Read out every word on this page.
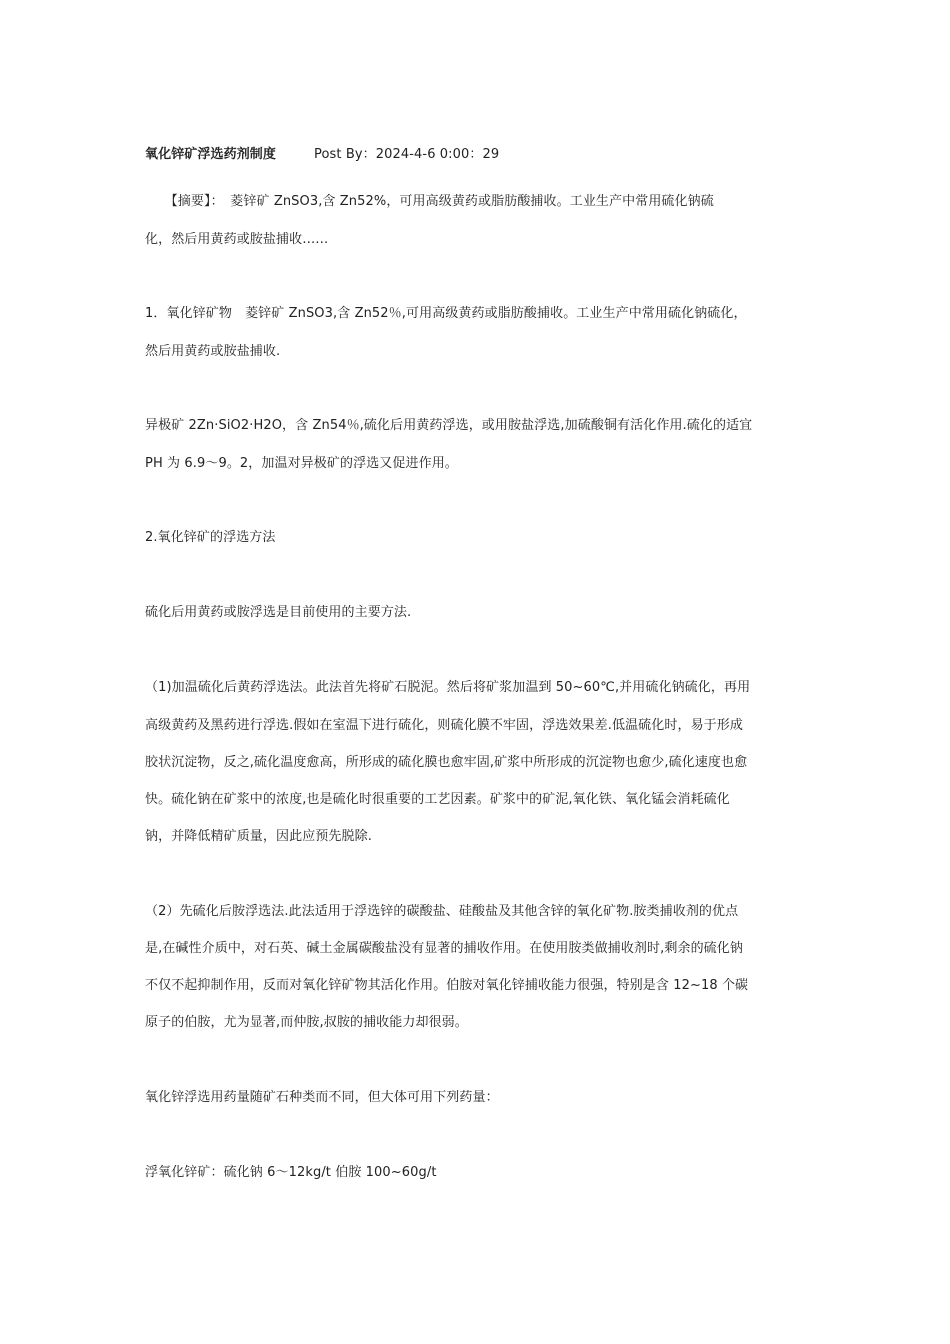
氧化锌矿浮选药剂制度	Post By：2024-4-6 0:00：29
　　【摘要】：　菱锌矿 ZnSO3,含 Zn52%，可用高级黄药或脂肪酸捕收。工业生产中常用硫化钠硫
化，然后用黄药或胺盐捕收……
1．氧化锌矿物　菱锌矿 ZnSO3,含 Zn52％,可用高级黄药或脂肪酸捕收。工业生产中常用硫化钠硫化，
然后用黄药或胺盐捕收.
异极矿 2Zn·SiO2·H2O，含 Zn54％,硫化后用黄药浮选，或用胺盐浮选,加硫酸铜有活化作用.硫化的适宜
PH 为 6.9～9。2，加温对异极矿的浮选又促进作用。
2.氧化锌矿的浮选方法
硫化后用黄药或胺浮选是目前使用的主要方法.
（1)加温硫化后黄药浮选法。此法首先将矿石脱泥。然后将矿浆加温到 50~60℃,并用硫化钠硫化，再用
高级黄药及黑药进行浮选.假如在室温下进行硫化，则硫化膜不牢固，浮选效果差.低温硫化时，易于形成
胶状沉淀物，反之,硫化温度愈高，所形成的硫化膜也愈牢固,矿浆中所形成的沉淀物也愈少,硫化速度也愈
快。硫化钠在矿浆中的浓度,也是硫化时很重要的工艺因素。矿浆中的矿泥,氧化铁、氧化锰会消耗硫化
钠，并降低精矿质量，因此应预先脱除.
（2）先硫化后胺浮选法.此法适用于浮选锌的碳酸盐、硅酸盐及其他含锌的氧化矿物.胺类捕收剂的优点
是,在碱性介质中，对石英、碱土金属碳酸盐没有显著的捕收作用。在使用胺类做捕收剂时,剩余的硫化钠
不仅不起抑制作用，反而对氧化锌矿物其活化作用。伯胺对氧化锌捕收能力很强，特别是含 12~18 个碳
原子的伯胺，尤为显著,而仲胺,叔胺的捕收能力却很弱。
氧化锌浮选用药量随矿石种类而不同，但大体可用下列药量：
浮氧化锌矿：硫化钠 6～12kg/t 伯胺 100~60g/t
